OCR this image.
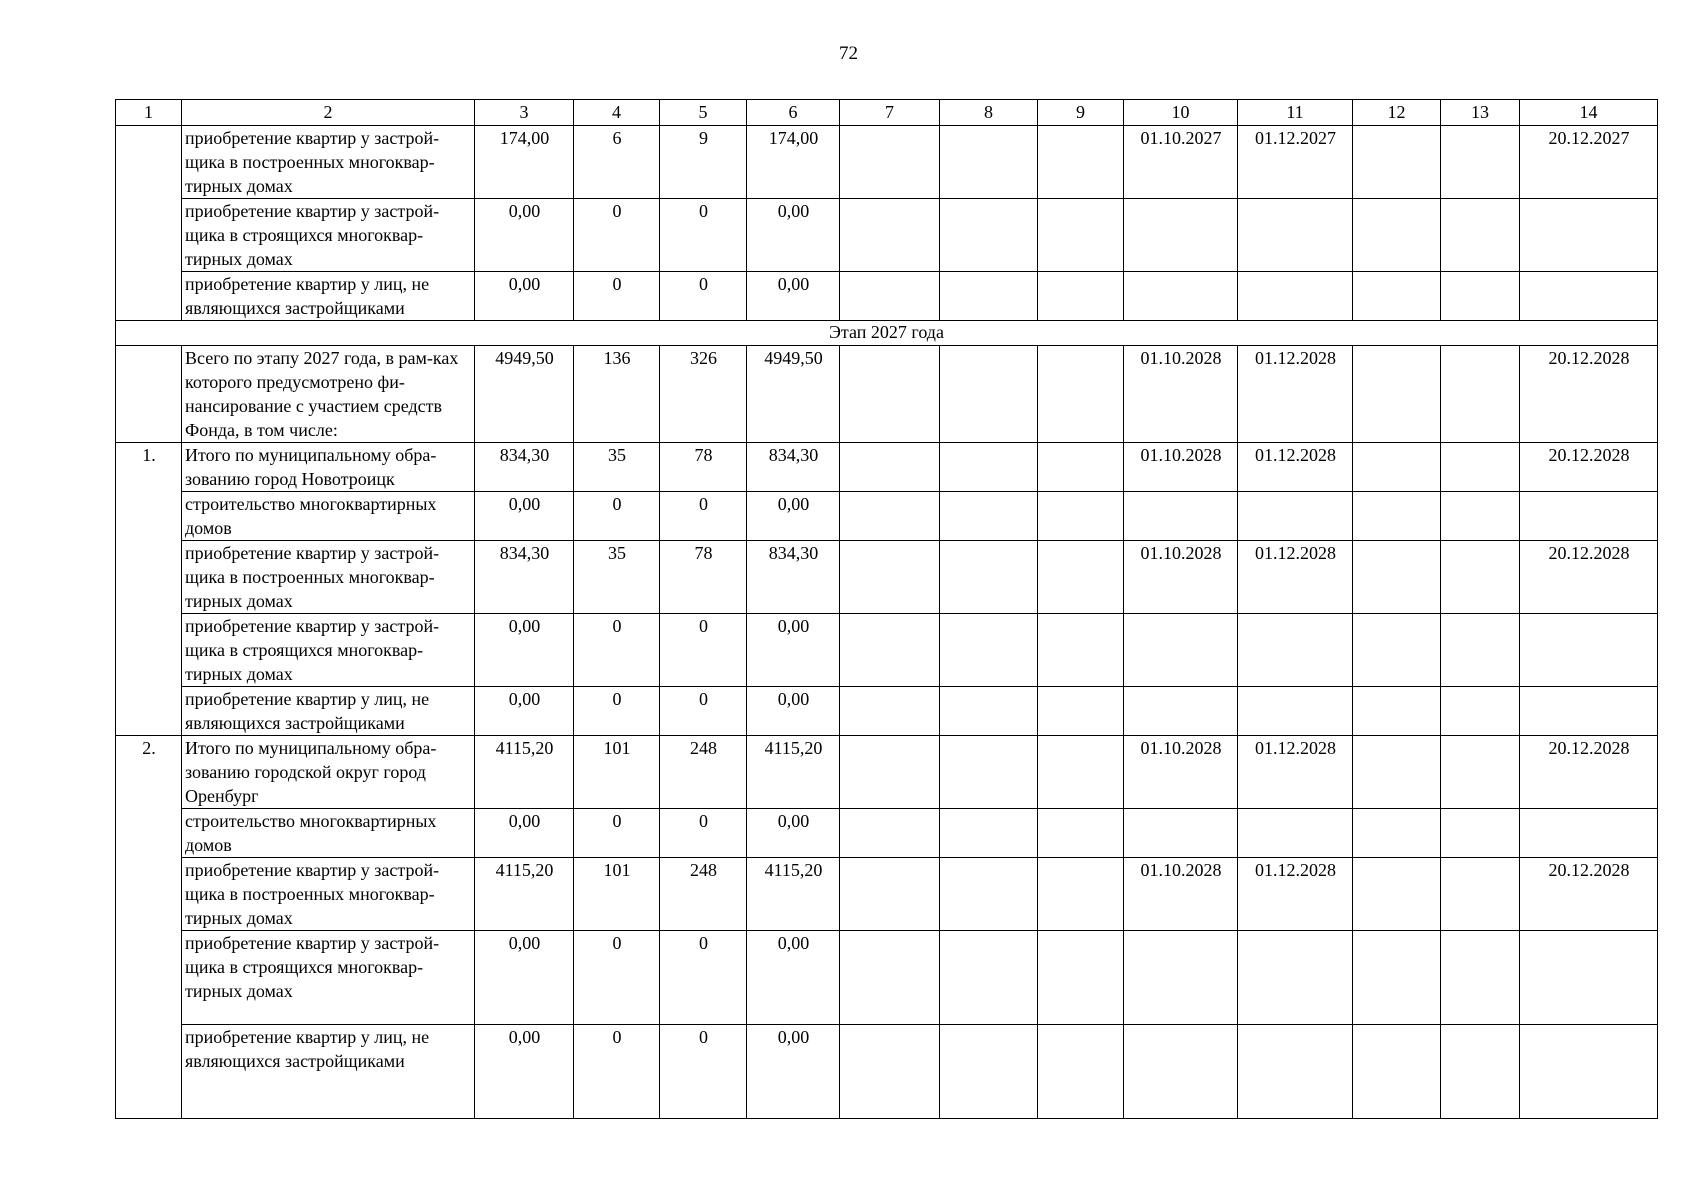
72
1	2	3	4	5	6	7	8	9	10	11	12	13	14
	приобретение квартир у застрой-щика в построенных многоквар-тирных домах	174,00	6	9	174,00				01.10.2027	01.12.2027			20.12.2027
	приобретение квартир у застрой-щика в строящихся многоквар-тирных домах	0,00	0	0	0,00								
	приобретение квартир у лиц, не являющихся застройщиками	0,00	0	0	0,00								
Этап 2027 года													
	Всего по этапу 2027 года, в рам-ках которого предусмотрено фи-нансирование с участием средств Фонда, в том числе:	4949,50	136	326	4949,50				01.10.2028	01.12.2028			20.12.2028
1.	Итого по муниципальному обра-зованию город Новотроицк	834,30	35	78	834,30				01.10.2028	01.12.2028			20.12.2028
	строительство многоквартирных домов	0,00	0	0	0,00								
	приобретение квартир у застрой-щика в построенных многоквар-тирных домах	834,30	35	78	834,30				01.10.2028	01.12.2028			20.12.2028
	приобретение квартир у застрой-щика в строящихся многоквар-тирных домах	0,00	0	0	0,00								
	приобретение квартир у лиц, не являющихся застройщиками	0,00	0	0	0,00								
2.	Итого по муниципальному обра-зованию городской округ город Оренбург	4115,20	101	248	4115,20				01.10.2028	01.12.2028			20.12.2028
	строительство многоквартирных домов	0,00	0	0	0,00								
	приобретение квартир у застрой-щика в построенных многоквар-тирных домах	4115,20	101	248	4115,20				01.10.2028	01.12.2028			20.12.2028
	приобретение квартир у застрой-щика в строящихся многоквар-тирных домах	0,00	0	0	0,00								
	приобретение квартир у лиц, не являющихся застройщиками	0,00	0	0	0,00								
